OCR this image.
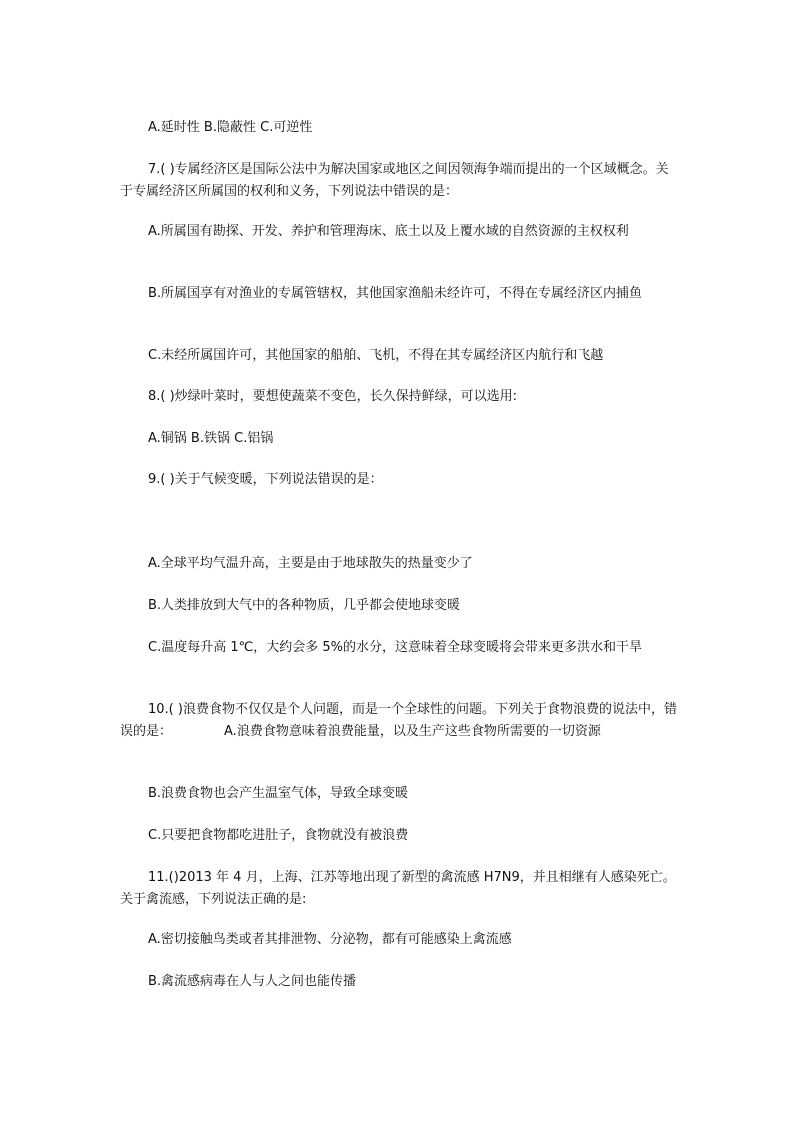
A.延时性 B.隐蔽性 C.可逆性

7.( )专属经济区是国际公法中为解决国家或地区之间因领海争端而提出的一个区域概念。关于专属经济区所属国的权利和义务，下列说法中错误的是：

A.所属国有勘探、开发、养护和管理海床、底土以及上覆水域的自然资源的主权权利

B.所属国享有对渔业的专属管辖权，其他国家渔船未经许可，不得在专属经济区内捕鱼

C.未经所属国许可，其他国家的船舶、飞机，不得在其专属经济区内航行和飞越

8.( )炒绿叶菜时，要想使蔬菜不变色，长久保持鲜绿，可以选用:

A.铜锅 B.铁锅 C.铝锅

9.( )关于气候变暖，下列说法错误的是：

A.全球平均气温升高，主要是由于地球散失的热量变少了

B.人类排放到大气中的各种物质，几乎都会使地球变暖

C.温度每升高 1℃，大约会多 5%的水分，这意味着全球变暖将会带来更多洪水和干旱

10.( )浪费食物不仅仅是个人问题，而是一个全球性的问题。下列关于食物浪费的说法中，错误的是：	A.浪费食物意味着浪费能量，以及生产这些食物所需要的一切资源

B.浪费食物也会产生温室气体，导致全球变暖

C.只要把食物都吃进肚子，食物就没有被浪费

11.()2013 年 4 月，上海、江苏等地出现了新型的禽流感 H7N9，并且相继有人感染死亡。关于禽流感，下列说法正确的是:

A.密切接触鸟类或者其排泄物、分泌物，都有可能感染上禽流感

B.禽流感病毒在人与人之间也能传播
